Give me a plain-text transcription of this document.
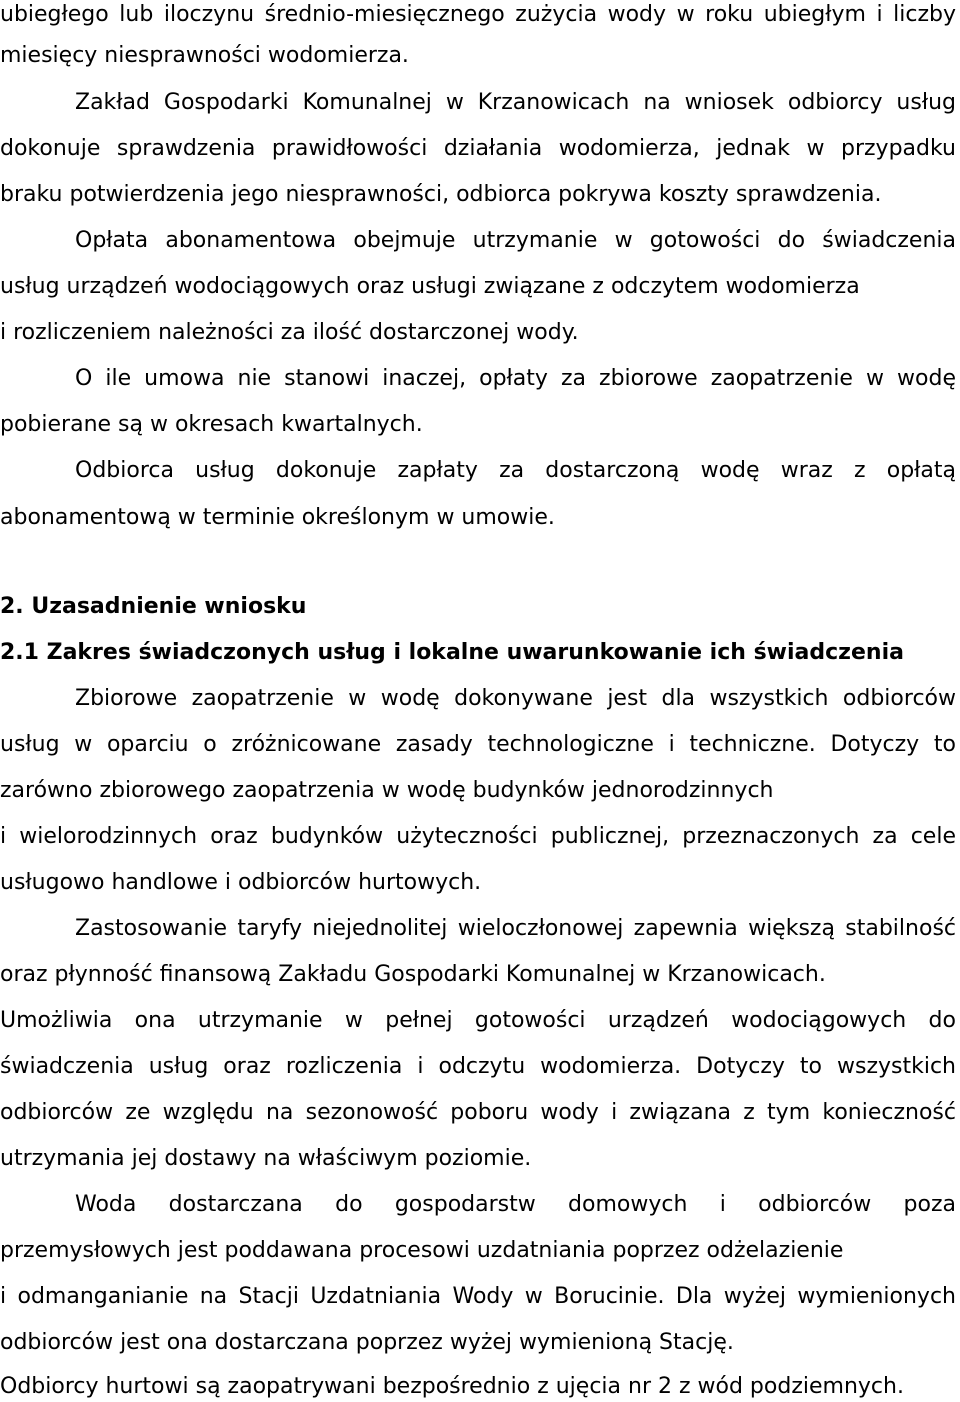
ubiegłego lub iloczynu średnio-miesięcznego zużycia wody w roku ubiegłym i liczby
miesięcy niesprawności wodomierza.
Zakład Gospodarki Komunalnej w Krzanowicach na wniosek odbiorcy usług
dokonuje sprawdzenia prawidłowości działania wodomierza, jednak w przypadku
braku potwierdzenia jego niesprawności, odbiorca pokrywa koszty sprawdzenia.
Opłata abonamentowa obejmuje utrzymanie w gotowości do świadczenia
usług urządzeń wodociągowych oraz usługi związane z odczytem wodomierza
i rozliczeniem należności za ilość dostarczonej wody.
O ile umowa nie stanowi inaczej, opłaty za zbiorowe zaopatrzenie w wodę
pobierane są w okresach kwartalnych.
Odbiorca usług dokonuje zapłaty za dostarczoną wodę wraz z opłatą
abonamentową w terminie określonym w umowie.
2. Uzasadnienie wniosku
2.1 Zakres świadczonych usług i lokalne uwarunkowanie ich świadczenia
Zbiorowe zaopatrzenie w wodę dokonywane jest dla wszystkich odbiorców
usług w oparciu o zróżnicowane zasady technologiczne i techniczne. Dotyczy to
zarówno zbiorowego zaopatrzenia w wodę budynków jednorodzinnych
i wielorodzinnych oraz budynków użyteczności publicznej, przeznaczonych za cele
usługowo handlowe i odbiorców hurtowych.
Zastosowanie taryfy niejednolitej wieloczłonowej zapewnia większą stabilność
oraz płynność finansową Zakładu Gospodarki Komunalnej w Krzanowicach.
Umożliwia ona utrzymanie w pełnej gotowości urządzeń wodociągowych do
świadczenia usług oraz rozliczenia i odczytu wodomierza. Dotyczy to wszystkich
odbiorców ze względu na sezonowość poboru wody i związana z tym konieczność
utrzymania jej dostawy na właściwym poziomie.
Woda dostarczana do gospodarstw domowych i odbiorców poza
przemysłowych jest poddawana procesowi uzdatniania poprzez odżelazienie
i odmanganianie na Stacji Uzdatniania Wody w Borucinie. Dla wyżej wymienionych
odbiorców jest ona dostarczana poprzez wyżej wymienioną Stację.
Odbiorcy hurtowi są zaopatrywani bezpośrednio z ujęcia nr 2 z wód podziemnych.
